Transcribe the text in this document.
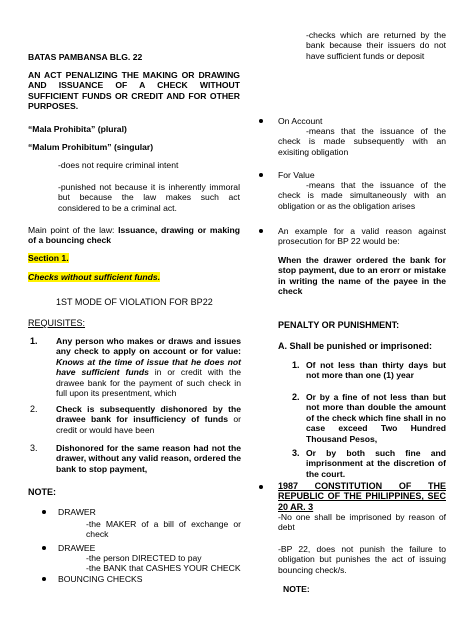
BATAS PAMBANSA BLG. 22
AN ACT PENALIZING THE MAKING OR DRAWING AND ISSUANCE OF A CHECK WITHOUT SUFFICIENT FUNDS OR CREDIT AND FOR OTHER PURPOSES.
“Mala Prohibita” (plural)
“Malum Prohibitum” (singular)
-does not require criminal intent
-punished not because it is inherently immoral but because the law makes such act considered to be a criminal act.
Main point of the law: Issuance, drawing or making of a bouncing check
Section 1.
Checks without sufficient funds.
1ST MODE OF VIOLATION FOR BP22
REQUISITES:
1. Any person who makes or draws and issues any check to apply on account or for value: Knows at the time of issue that he does not have sufficient funds in or credit with the drawee bank for the payment of such check in full upon its presentment, which
2. Check is subsequently dishonored by the drawee bank for insufficiency of funds or credit or would have been
3. Dishonored for the same reason had not the drawer, without any valid reason, ordered the bank to stop payment,
NOTE:
DRAWER
-the MAKER of a bill of exchange or check
DRAWEE
-the person DIRECTED to pay
-the BANK that CASHES YOUR CHECK
BOUNCING CHECKS
-checks which are returned by the bank because their issuers do not have sufficient funds or deposit
On Account
-means that the issuance of the check is made subsequently with an exisiting obligation
For Value
-means that the issuance of the check is made simultaneously with an obligation or as the obligation arises
An example for a valid reason against prosecution for BP 22 would be:
When the drawer ordered the bank for stop payment, due to an erorr or mistake in writing the name of the payee in the check
PENALTY OR PUNISHMENT:
A. Shall be punished or imprisoned:
1. Of not less than thirty days but not more than one (1) year
2. Or by a fine of not less than but not more than double the amount of the check which fine shall in no case exceed Two Hundred Thousand Pesos,
3. Or by both such fine and imprisonment at the discretion of the court.
1987 CONSTITUTION OF THE REPUBLIC OF THE PHILIPPINES, SEC 20 AR. 3
-No one shall be imprisoned by reason of debt
-BP 22, does not punish the failure to obligation but punishes the act of issuing bouncing check/s.
NOTE:
